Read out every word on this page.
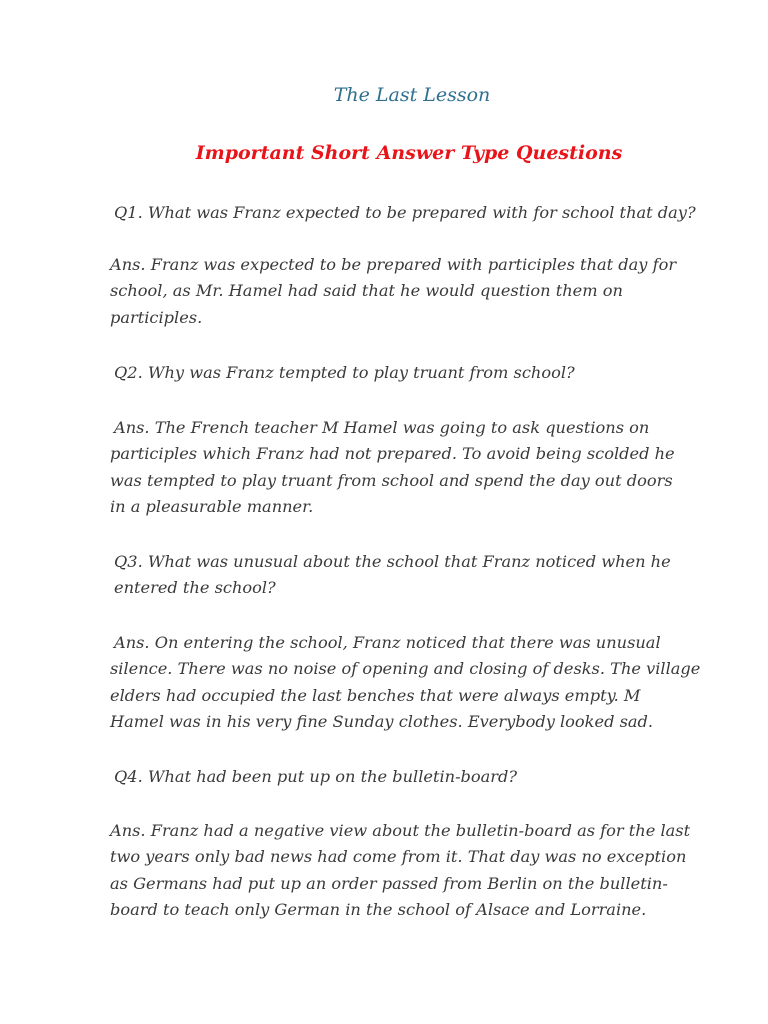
The Last Lesson
Important Short Answer Type Questions

Q1. What was Franz expected to be prepared with for school that day?

Ans. Franz was expected to be prepared with participles that day for
school, as Mr. Hamel had said that he would question them on
participles.

Q2. Why was Franz tempted to play truant from school?

Ans. The French teacher M Hamel was going to ask questions on
participles which Franz had not prepared. To avoid being scolded he
was tempted to play truant from school and spend the day out doors
in a pleasurable manner.

Q3. What was unusual about the school that Franz noticed when he
entered the school?

Ans. On entering the school, Franz noticed that there was unusual
silence. There was no noise of opening and closing of desks. The village
elders had occupied the last benches that were always empty. M
Hamel was in his very fine Sunday clothes. Everybody looked sad.

Q4. What had been put up on the bulletin-board?

Ans. Franz had a negative view about the bulletin-board as for the last
two years only bad news had come from it. That day was no exception
as Germans had put up an order passed from Berlin on the bulletin-
board to teach only German in the school of Alsace and Lorraine.
